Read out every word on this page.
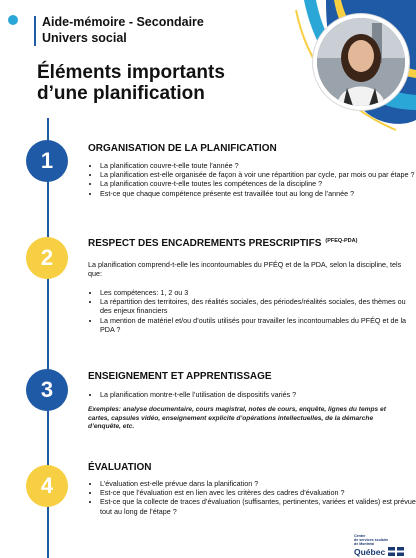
Aide-mémoire - Secondaire
Univers social
Éléments importants d’une planification
1	ORGANISATION DE LA PLANIFICATION
• La planification couvre-t-elle toute l’année ?
• La planification est-elle organisée de façon à voir une répartition par cycle, par mois ou par étape ?
• La planification couvre-t-elle toutes les compétences de la discipline ?
• Est-ce que chaque compétence présente est travaillée tout au long de l’année ?
2
RESPECT DES ENCADREMENTS PRESCRIPTIFS $^{(PFEQ-PDA)}$
La planification comprend-t-elle les incontournables du PFÉQ et de la PDA, selon la discipline, tels que:
• Les compétences: 1, 2 ou 3
• La répartition des territoires, des réalités sociales, des périodes/réalités sociales, des thèmes ou des enjeux financiers
• La mention de matériel et/ou d’outils utilisés pour travailler les incontournables du PFÉQ et de la PDA ?
3
ENSEIGNEMENT ET APPRENTISSAGE
• La planification montre-t-elle l’utilisation de dispositifs variés ?
Exemples: analyse documentaire, cours magistral, notes de cours, enquête, lignes du temps et cartes, capsules vidéo, enseignement explicite d’opérations intellectuelles, de la démarche d’enquête, etc.
4
ÉVALUATION
• L’évaluation est-elle prévue dans la planification ?
• Est-ce que l’évaluation est en lien avec les critères des cadres d’évaluation ?
• Est-ce que la collecte de traces d’évaluation (suffisantes, pertinentes, variées et valides) est prévue tout au long de l’étape ?
Centre
de services scolaire
de Montréal
Québec
